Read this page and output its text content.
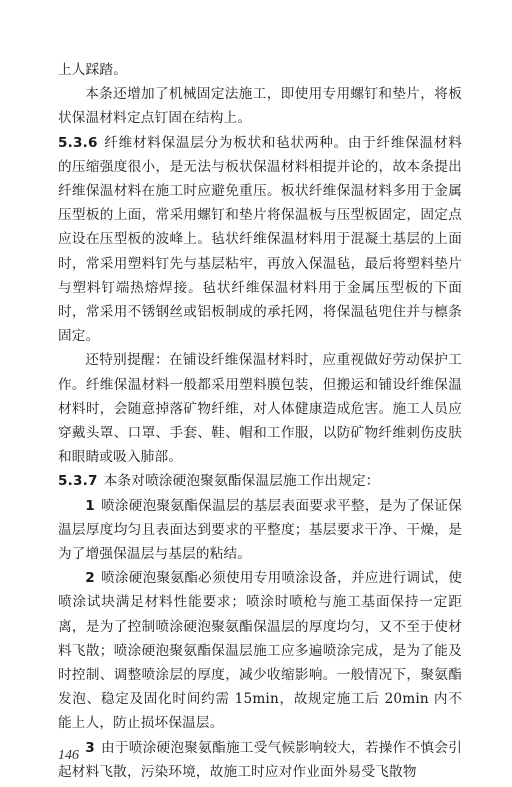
上人踩踏。

本条还增加了机械固定法施工，即使用专用螺钉和垫片，将板状保温材料定点钉固在结构上。

5.3.6 纤维材料保温层分为板状和毡状两种。由于纤维保温材料的压缩强度很小，是无法与板状保温材料相提并论的，故本条提出纤维保温材料在施工时应避免重压。板状纤维保温材料多用于金属压型板的上面，常采用螺钉和垫片将保温板与压型板固定，固定点应设在压型板的波峰上。毡状纤维保温材料用于混凝土基层的上面时，常采用塑料钉先与基层粘牢，再放入保温毡，最后将塑料垫片与塑料钉端热熔焊接。毡状纤维保温材料用于金属压型板的下面时，常采用不锈钢丝或铝板制成的承托网，将保温毡兜住并与檩条固定。

还特别提醒：在铺设纤维保温材料时，应重视做好劳动保护工作。纤维保温材料一般都采用塑料膜包装，但搬运和铺设纤维保温材料时，会随意掉落矿物纤维，对人体健康造成危害。施工人员应穿戴头罩、口罩、手套、鞋、帽和工作服，以防矿物纤维刺伤皮肤和眼睛或吸入肺部。

5.3.7 本条对喷涂硬泡聚氨酯保温层施工作出规定：

1 喷涂硬泡聚氨酯保温层的基层表面要求平整，是为了保证保温层厚度均匀且表面达到要求的平整度；基层要求干净、干燥，是为了增强保温层与基层的粘结。

2 喷涂硬泡聚氨酯必须使用专用喷涂设备，并应进行调试，使喷涂试块满足材料性能要求；喷涂时喷枪与施工基面保持一定距离，是为了控制喷涂硬泡聚氨酯保温层的厚度均匀，又不至于使材料飞散；喷涂硬泡聚氨酯保温层施工应多遍喷涂完成，是为了能及时控制、调整喷涂层的厚度，减少收缩影响。一般情况下，聚氨酯发泡、稳定及固化时间约需 15min，故规定施工后 20min 内不能上人，防止损坏保温层。

3 由于喷涂硬泡聚氨酯施工受气候影响较大，若操作不慎会引起材料飞散，污染环境，故施工时应对作业面外易受飞散物

146
